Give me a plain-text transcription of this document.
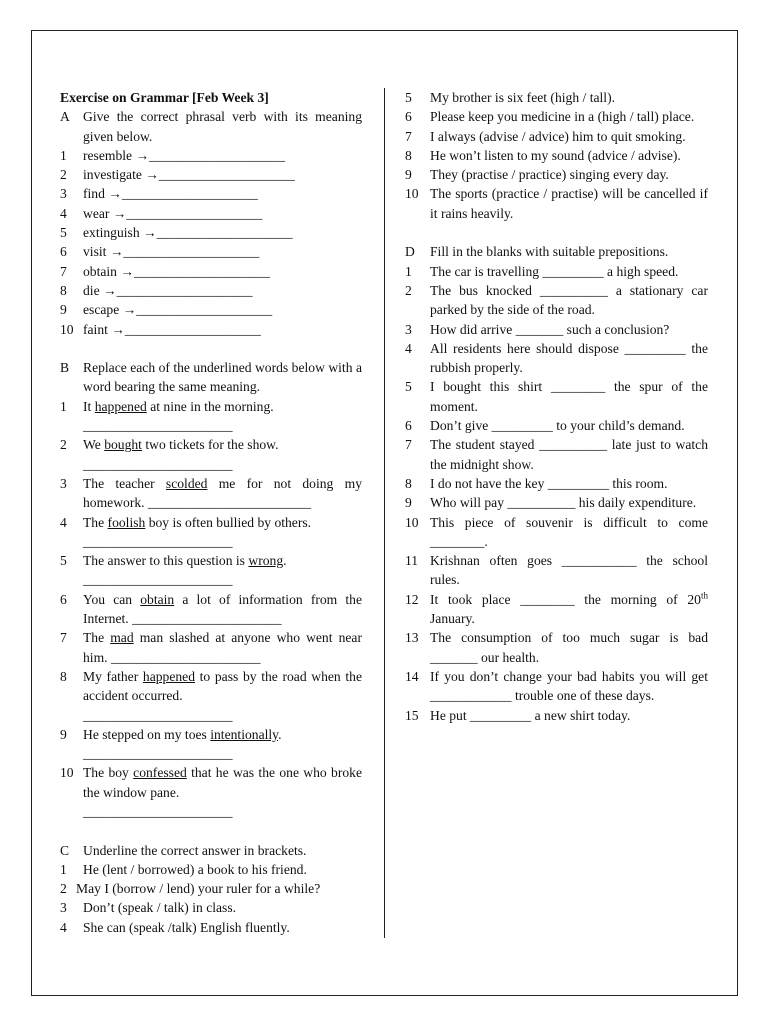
Exercise on Grammar [Feb Week 3]
A Give the correct phrasal verb with its meaning given below.
1	resemble →____________________
2	investigate →____________________
3	find →____________________
4	wear →____________________
5	extinguish →____________________
6	visit →____________________
7	obtain →____________________
8	die →____________________
9	escape →____________________
10 faint →____________________
B	Replace each of the underlined words below with a word bearing the same meaning.
1	It happened at nine in the morning.
______________________
2	We bought two tickets for the show.
______________________
3	The teacher scolded me for not doing my homework. ________________________
4	The foolish boy is often bullied by others.
______________________
5	The answer to this question is wrong.
______________________
6	You can obtain a lot of information from the Internet. ______________________
7	The mad man slashed at anyone who went near him. ______________________
8	My father happened to pass by the road when the accident occurred.
______________________
9	He stepped on my toes intentionally.
______________________
10 The boy confessed that he was the one who broke the window pane.
______________________
C	Underline the correct answer in brackets.
1	He (lent / borrowed) a book to his friend.
2 May I (borrow / lend) your ruler for a while?
3	Don’t (speak / talk) in class.
4	She can (speak /talk) English fluently.
5	My brother is six feet (high / tall).
6	Please keep you medicine in a (high / tall) place.
7	I always (advise / advice) him to quit smoking.
8	He won’t listen to my sound (advice / advise).
9	They (practise / practice) singing every day.
10 The sports (practice / practise) will be cancelled if it rains heavily.
D	Fill in the blanks with suitable prepositions.
1	The car is travelling _________ a high speed.
2	The bus knocked __________ a stationary car parked by the side of the road.
3	How did arrive _______ such a conclusion?
4	All residents here should dispose _________ the rubbish properly.
5	I bought this shirt ________ the spur of the moment.
6	Don’t give _________ to your child’s demand.
7	The student stayed __________ late just to watch the midnight show.
8	I do not have the key _________ this room.
9	Who will pay __________ his daily expenditure.
10 This piece of souvenir is difficult to come ________.
11 Krishnan often goes ___________ the school rules.
12 It took place ________ the morning of 20th January.
13 The consumption of too much sugar is bad _______ our health.
14 If you don’t change your bad habits you will get ____________ trouble one of these days.
15 He put _________ a new shirt today.
